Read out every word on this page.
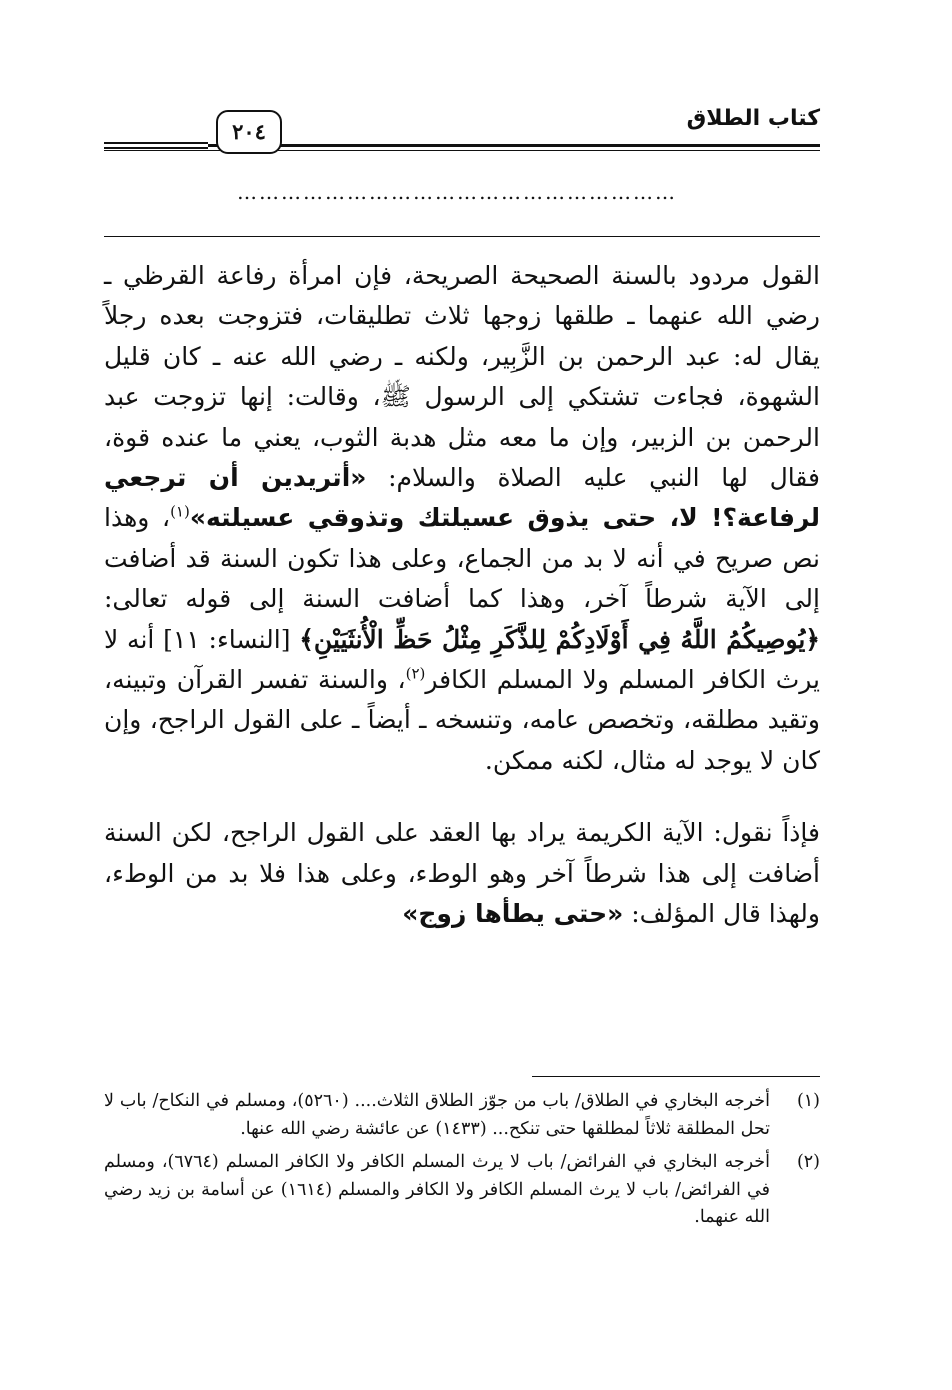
كتاب الطلاق
٢٠٤
……………………………………………………

القول مردود بالسنة الصحيحة الصريحة، فإن امرأة رفاعة القرظي ـ رضي الله عنهما ـ طلقها زوجها ثلاث تطليقات، فتزوجت بعده رجلاً يقال له: عبد الرحمن بن الزَّبِير، ولكنه ـ رضي الله عنه ـ كان قليل الشهوة، فجاءت تشتكي إلى الرسول ﷺ، وقالت: إنها تزوجت عبد الرحمن بن الزبير، وإن ما معه مثل هدبة الثوب، يعني ما عنده قوة، فقال لها النبي عليه الصلاة والسلام: «أتريدين أن ترجعي لرفاعة؟! لا، حتى يذوق عسيلتك وتذوقي عسيلته»$^{(١)}$، وهذا نص صريح في أنه لا بد من الجماع، وعلى هذا تكون السنة قد أضافت إلى الآية شرطاً آخر، وهذا كما أضافت السنة إلى قوله تعالى: ﴿يُوصِيكُمُ اللَّهُ فِي أَوْلَادِكُمْ لِلذَّكَرِ مِثْلُ حَظِّ الْأُنثَيَيْنِ﴾ [النساء: ١١] أنه لا يرث الكافر المسلم ولا المسلم الكافر$^{(٢)}$، والسنة تفسر القرآن وتبينه، وتقيد مطلقه، وتخصص عامه، وتنسخه ـ أيضاً ـ على القول الراجح، وإن كان لا يوجد له مثال، لكنه ممكن.

فإذاً نقول: الآية الكريمة يراد بها العقد على القول الراجح، لكن السنة أضافت إلى هذا شرطاً آخر وهو الوطء، وعلى هذا فلا بد من الوطء، ولهذا قال المؤلف: «حتى يطأها زوج»

(١)
أخرجه البخاري في الطلاق/ باب من جوّز الطلاق الثلاث.... (٥٢٦٠)، ومسلم في النكاح/ باب لا تحل المطلقة ثلاثاً لمطلقها حتى تنكح... (١٤٣٣) عن عائشة رضي الله عنها.
(٢)
أخرجه البخاري في الفرائض/ باب لا يرث المسلم الكافر ولا الكافر المسلم (٦٧٦٤)، ومسلم في الفرائض/ باب لا يرث المسلم الكافر ولا الكافر والمسلم (١٦١٤) عن أسامة بن زيد رضي الله عنهما.
